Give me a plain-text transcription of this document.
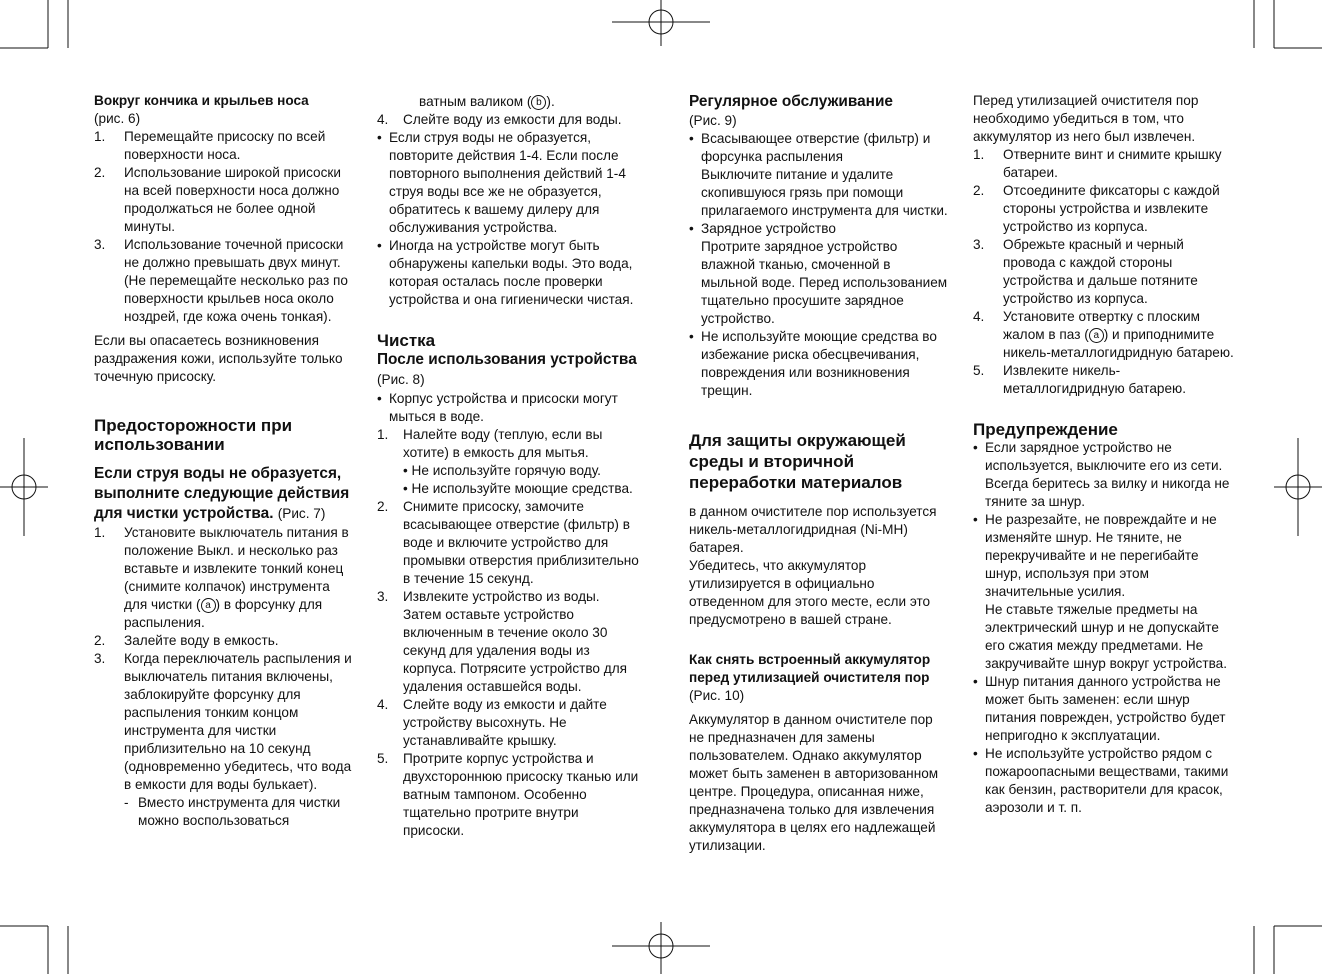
Вокруг кончика и крыльев носа

(рис. 6)

1. Перемещайте присоску по всей поверхности носа.
2. Использование широкой присоски на всей поверхности носа должно продолжаться не более одной минуты.
3. Использование точечной присоски не должно превышать двух минут. (Не перемещайте несколько раз по поверхности крыльев носа около ноздрей, где кожа очень тонкая).

Если вы опасаетесь возникновения раздражения кожи, используйте только точечную присоску.

Предосторожности при использовании

Если струя воды не образуется, выполните следующие действия для чистки устройства. (Рис. 7)

1. Установите выключатель питания в положение Выкл. и несколько раз вставьте и извлеките тонкий конец (снимите колпачок) инструмента для чистки ( a ) в форсунку для распыления.
2. Залейте воду в емкость.
3. Когда переключатель распыления и выключатель питания включены, заблокируйте форсунку для распыления тонким концом инструмента для чистки приблизительно на 10 секунд (одновременно убедитесь, что вода в емкости для воды булькает).
- Вместо инструмента для чистки можно воспользоваться

ватным валиком ( b ).

4. Слейте воду из емкости для воды.
• Если струя воды не образуется, повторите действия 1-4. Если после повторного выполнения действий 1-4 струя воды все же не образуется, обратитесь к вашему дилеру для обслуживания устройства.
• Иногда на устройстве могут быть обнаружены капельки воды. Это вода, которая осталась после проверки устройства и она гигиенически чистая.

Чистка

После использования устройства (Рис. 8)

• Корпус устройства и присоски могут мыться в воде.
1. Налейте воду (теплую, если вы хотите) в емкость для мытья.
• Не используйте горячую воду.
• Не используйте моющие средства.
2. Снимите присоску, замочите всасывающее отверстие (фильтр) в воде и включите устройство для промывки отверстия приблизительно в течение 15 секунд.
3. Извлеките устройство из воды. Затем оставьте устройство включенным в течение около 30 секунд для удаления воды из корпуса. Потрясите устройство для удаления оставшейся воды.
4. Слейте воду из емкости и дайте устройству высохнуть. Не устанавливайте крышку.
5. Протрите корпус устройства и двухстороннюю присоску тканью или ватным тампоном. Особенно тщательно протрите внутри присоски.

Регулярное обслуживание

(Рис. 9)

• Всасывающее отверстие (фильтр) и форсунка распыления
Выключите питание и удалите скопившуюся грязь при помощи прилагаемого инструмента для чистки.
• Зарядное устройство
Протрите зарядное устройство влажной тканью, смоченной в мыльной воде. Перед использованием тщательно просушите зарядное устройство.
• Не используйте моющие средства во избежание риска обесцвечивания, повреждения или возникновения трещин.

Для защиты окружающей среды и вторичной переработки материалов

в данном очистителе пор используется никель-металлогидридная (Ni-MH) батарея.

Убедитесь, что аккумулятор утилизируется в официально отведенном для этого месте, если это предусмотрено в вашей стране.

Как снять встроенный аккумулятор перед утилизацией очистителя пор (Рис. 10)

Аккумулятор в данном очистителе пор не предназначен для замены пользователем. Однако аккумулятор может быть заменен в авторизованном центре. Процедура, описанная ниже, предназначена только для извлечения аккумулятора в целях его надлежащей утилизации.

Перед утилизацией очистителя пор необходимо убедиться в том, что аккумулятор из него был извлечен.

1. Отверните винт и снимите крышку батареи.
2. Отсоедините фиксаторы с каждой стороны устройства и извлеките устройство из корпуса.
3. Обрежьте красный и черный провода с каждой стороны устройства и дальше потяните устройство из корпуса.
4. Установите отвертку с плоским жалом в паз ( a ) и приподнимите никель-металлогидридную батарею.
5. Извлеките никель-металлогидридную батарею.

Предупреждение

• Если зарядное устройство не используется, выключите его из сети. Всегда беритесь за вилку и никогда не тяните за шнур.
• Не разрезайте, не повреждайте и не изменяйте шнур. Не тяните, не перекручивайте и не перегибайте шнур, используя при этом значительные усилия.
Не ставьте тяжелые предметы на электрический шнур и не допускайте его сжатия между предметами. Не закручивайте шнур вокруг устройства.
• Шнур питания данного устройства не может быть заменен: если шнур питания поврежден, устройство будет непригодно к эксплуатации.
• Не используйте устройство рядом с пожароопасными веществами, такими как бензин, растворители для красок, аэрозоли и т. п.
